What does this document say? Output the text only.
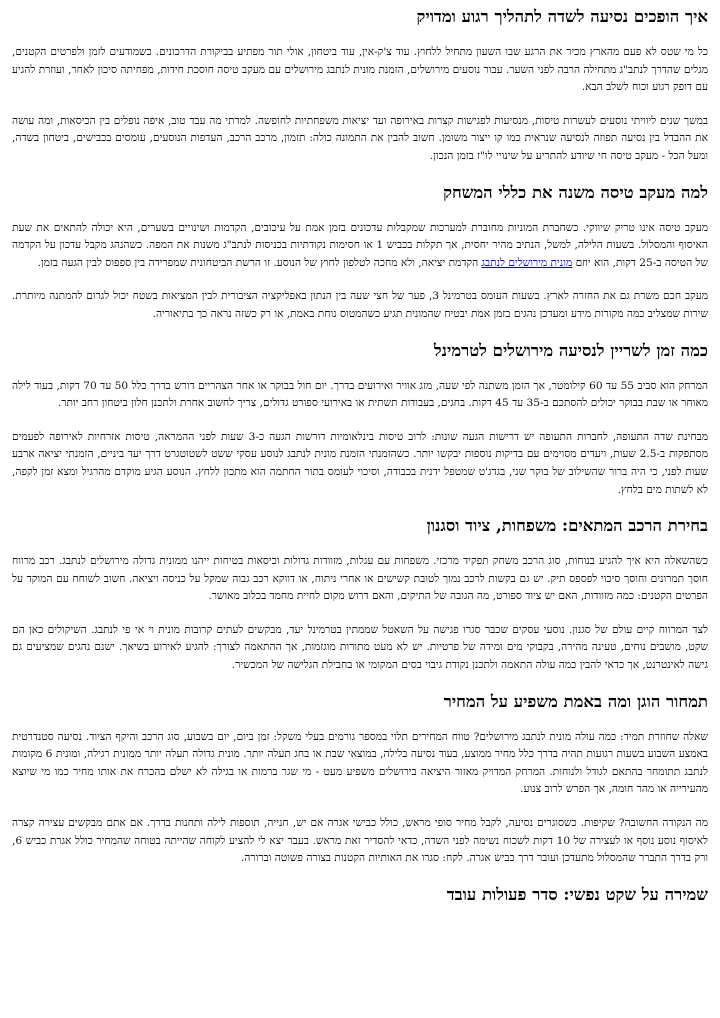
איך הופכים נסיעה לשדה לתהליך רגוע ומדויק

כל מי שטס לא פעם מהארץ מכיר את הרגע שבו השעון מתחיל ללחוץ. עוד צ'ק-אין, עוד ביטחון, אולי תור מפתיע בביקורת הדרכונים. כשמודעים לזמן ולפרטים הקטנים, מגלים שהדרך לנתב"ג מתחילה הרבה לפני השער. עבור נוסעים מירושלים, הזמנת מונית לנתבג מירושלים עם מעקב טיסה חוסכת חידות, מפחיתה סיכון לאחר, ועוזרת להגיע עם דופק רגוע וכוח לשלב הבא.

במשך שנים ליוויתי נוסעים לעשרות טיסות, מנסיעות לפגישות קצרות באירופה ועד יציאות משפחתיות לחופשה. למדתי מה עבד טוב, איפה נופלים בין הכיסאות, ומה עושה את ההבדל בין נסיעה תפוזה לנסיעה שנראית כמו קו ייצור משומן. חשוב להבין את התמונה כולה: תזמון, מרכב הרכב, העדפות הנוסעים, עומסים בכבישים, ביטחון בשדה, ומעל הכל - מעקב טיסה חי שיודע להתריע על שינויי לו"ז בזמן הנכון.

למה מעקב טיסה משנה את כללי המשחק

מעקב טיסה אינו טריק שיווקי. כשחברת המוניות מחוברת למערכות שמקבלות עדכונים בזמן אמת על עיכובים, הקדמות ושינויים בשערים, היא יכולה להתאים את שעת האיסוף והמסלול. בשעות הלילה, למשל, הנתיב מהיר יחסית, אך תקלות בכביש 1 או חסימות נקודתיות בכניסות לנתב"ג משנות את המפה. כשהנהג מקבל עדכון על הקדמה של הטיסה ב-25 דקות, הוא יוזם מונית מירושלים לנתבג הקדמת יציאה, ולא מחכה לטלפון לחוץ של הנוסע. זו הרשת הביטחונית שמפרידה בין ספפוס לבין הגעה בזמן.

מעקב חכם משרת גם את החזרה לארץ. בשעות העומס בטרמינל 3, פער של חצי שעה בין הנתון באפליקציה הציבורית לבין המציאות בשטח יכול לגרום להמתנה מיותרת. שירות שמצליב כמה מקורות מידע ומעדכן נהגים בזמן אמת יבטיח שהמונית תגיע כשהמטוס נוחת באמת, או רק כשזה נראה כך בתיאוריה.

כמה זמן לשריין לנסיעה מירושלים לטרמינל

המרחק הוא סביב 55 עד 60 קילומטר, אך הזמן משתנה לפי שעה, מזג אוויר ואירועים בדרך. יום חול בבוקר או אחר הצהריים דורש בדרך כלל 50 עד 70 דקות, בעוד לילה מאוחר או שבת בבוקר יכולים להסתכם ב-35 עד 45 דקות. בחגים, בעבודות תשתית או באירועי ספורט גדולים, צריך לחשוב אחרת ולתכנן חלון ביטחון רחב יותר.

מבחינת שדה התעופה, לחברות התעופה יש דרישות הגעה שונות: לרוב טיסות בינלאומיות דורשות הגעה כ-3 שעות לפני ההמראה, טיסות אזרחיות לאירופה לפעמים מסתפקות ב-2.5 שעות, ויעדים מסוימים עם בדיקות נוספות יבקשו יותר. כשהזמנתי הזמנת מונית לנתבג לנוסע עסקי ששט לשטוטגרט דרך יעד ביניים, הזמנתי יציאה ארבע שעות לפני, כי היה ברור שהשילוב של בוקר שני, בגדג'ט שמטפל ידנית בכבודה, וסיכוי לעומס בתור החתמה הוא מתכון ללחץ. הנוסע הגיע מוקדם מהרגיל ומצא זמן לקפה, לא לשתות מים בלחץ.

בחירת הרכב המתאים: משפחות, ציוד וסגנון

כשהשאלה היא איך להגיע בנוחות, סוג הרכב משחק תפקיד מרכזי. משפחות עם עגלות, מזוודות גדולות וכיסאות בטיחות ייהנו ממונית גדולה מירושלים לנתבג. רכב מרווח חוסך תמרונים וחוסך סיכוי לפספס תיק. יש גם בקשות לרכב נמוך לטובת קשישים או אחרי ניתוח, או דווקא רכב גבוה שמקל על כניסה ויציאה. חשוב לשוחח עם המוקד על הפרטים הקטנים: כמה מזוודות, האם יש ציוד ספורט, מה הגובה של התיקים, והאם דרוש מקום לחיית מחמד בכלוב מאושר.

לצד המרווח קיים עולם של סגנון. נוסעי עסקים שכבר סגרו פגישה על השאטל שממתין בטרמינל יעד, מבקשים לעתים קרובות מונית וי אי פי לנתבג. השיקולים כאן הם שקט, מושבים נוחים, טעינה מהירה, בקבוקי מים ומידה של פרטיות. יש לא מעט מתורות מוגזמות, אך ההתאמה לצורך: להגיע לאירוע בשיאך. ישנם נהגים שמציעים גם גישה לאינטרנט, אך כדאי להבין כמה עולה התאמה ולתכנן נקודת גיבוי בסים המקומי או בחבילת הגלישה של המכשיר.

תמחור הוגן ומה באמת משפיע על המחיר

שאלה שחוזרת תמיד: כמה עולה מונית לנתבג מירושלים? טווח המחירים תלוי במספר גורמים בעלי משקל: זמן ביום, יום בשבוע, סוג הרכב והיקף הציוד. נסיעה סטנדרטית באמצע השבוע בשעות רגועות תהיה בדרך כלל מחיר ממוצע, בעוד נסיעה בלילה, במוצאי שבת או בחג תעלה יותר. מונית גדולה תעלה יותר ממונית רגילה, ומונית 6 מקומות לנתבג תתומחר בהתאם לגודל ולנוחות. המרחק המדויק מאזור היציאה בירושלים משפיע מעט - מי שגר ברמות או בגילה לא ישלם בהכרח את אותו מחיר כמו מי שיוצא מהעירייה או מהר חומה, אך הפרש לרוב צנוע.

מה הנקודה החשובה? שקיפות. כשסוגרים נסיעה, לקבל מחיר סופי מראש, כולל כבישי אגרה אם יש, חנייה, תוספות לילה ותחנות בדרך. אם אתם מבקשים עצירה קצרה לאיסוף נוסע נוסף או לעצירה של 10 דקות לשכוח נשימה לפני השדה, כדאי להסדיר זאת מראש. בעבר יצא לי להציע לקוחה שהייתה בטוחה שהמחיר כולל אגרת כביש 6, ורק בדרך התברר שהמסלול מתעדכן ועובר דרך כביש אגרה. לקח: סגרו את האותיות הקטנות בצורה פשוטה וברורה.

שמירה על שקט נפשי: סדר פעולות עובד
